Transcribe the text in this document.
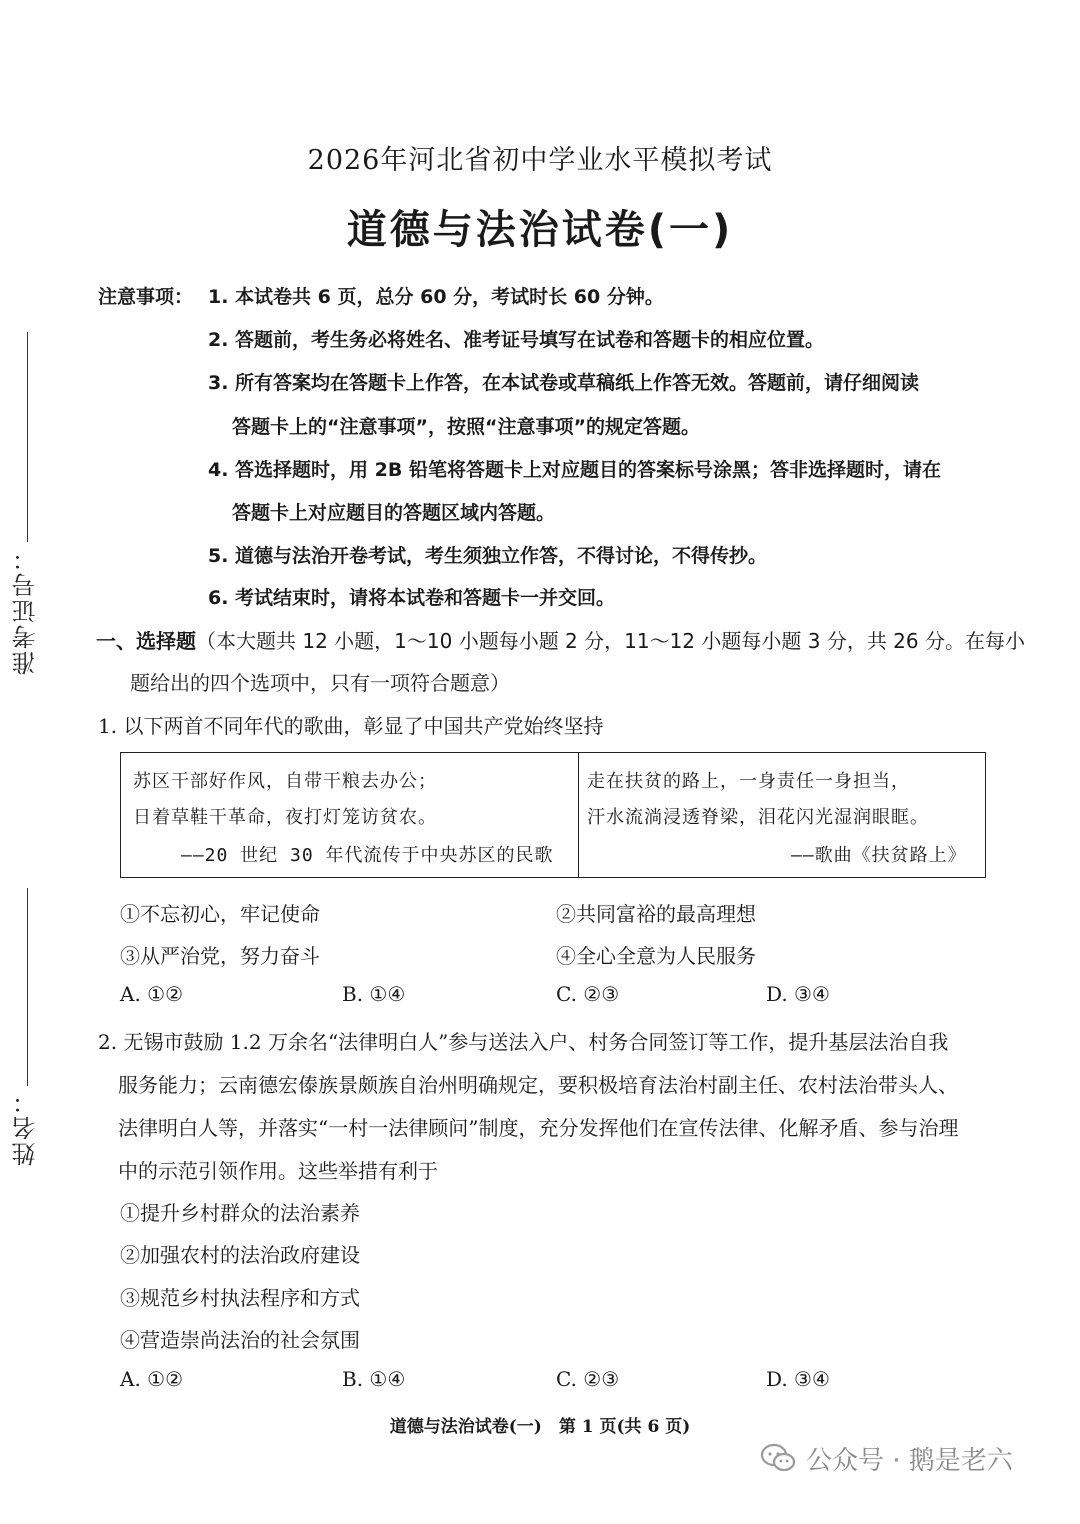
准考证号：
姓名：
2026年河北省初中学业水平模拟考试
道德与法治试卷(一)
注意事项： 1. 本试卷共 6 页，总分 60 分，考试时长 60 分钟。
2. 答题前，考生务必将姓名、准考证号填写在试卷和答题卡的相应位置。
3. 所有答案均在答题卡上作答，在本试卷或草稿纸上作答无效。答题前，请仔细阅读
答题卡上的“注意事项”，按照“注意事项”的规定答题。
4. 答选择题时，用 2B 铅笔将答题卡上对应题目的答案标号涂黑；答非选择题时，请在
答题卡上对应题目的答题区域内答题。
5. 道德与法治开卷考试，考生须独立作答，不得讨论，不得传抄。
6. 考试结束时，请将本试卷和答题卡一并交回。
一、选择题（本大题共 12 小题，1～10 小题每小题 2 分，11～12 小题每小题 3 分，共 26 分。在每小
题给出的四个选项中，只有一项符合题意）
1. 以下两首不同年代的歌曲，彰显了中国共产党始终坚持
苏区干部好作风，自带干粮去办公；
日着草鞋干革命，夜打灯笼访贫农。
——20 世纪 30 年代流传于中央苏区的民歌
走在扶贫的路上，一身责任一身担当，
汗水流淌浸透脊梁，泪花闪光湿润眼眶。
——歌曲《扶贫路上》
①不忘初心，牢记使命	②共同富裕的最高理想
③从严治党，努力奋斗	④全心全意为人民服务
A. ①②	B. ①④	C. ②③	D. ③④
2. 无锡市鼓励 1.2 万余名“法律明白人”参与送法入户、村务合同签订等工作，提升基层法治自我
服务能力；云南德宏傣族景颇族自治州明确规定，要积极培育法治村副主任、农村法治带头人、
法律明白人等，并落实“一村一法律顾问”制度，充分发挥他们在宣传法律、化解矛盾、参与治理
中的示范引领作用。这些举措有利于
①提升乡村群众的法治素养
②加强农村的法治政府建设
③规范乡村执法程序和方式
④营造崇尚法治的社会氛围
A. ①②	B. ①④	C. ②③	D. ③④
道德与法治试卷(一)　第 1 页(共 6 页)
公众号 · 鹅是老六
